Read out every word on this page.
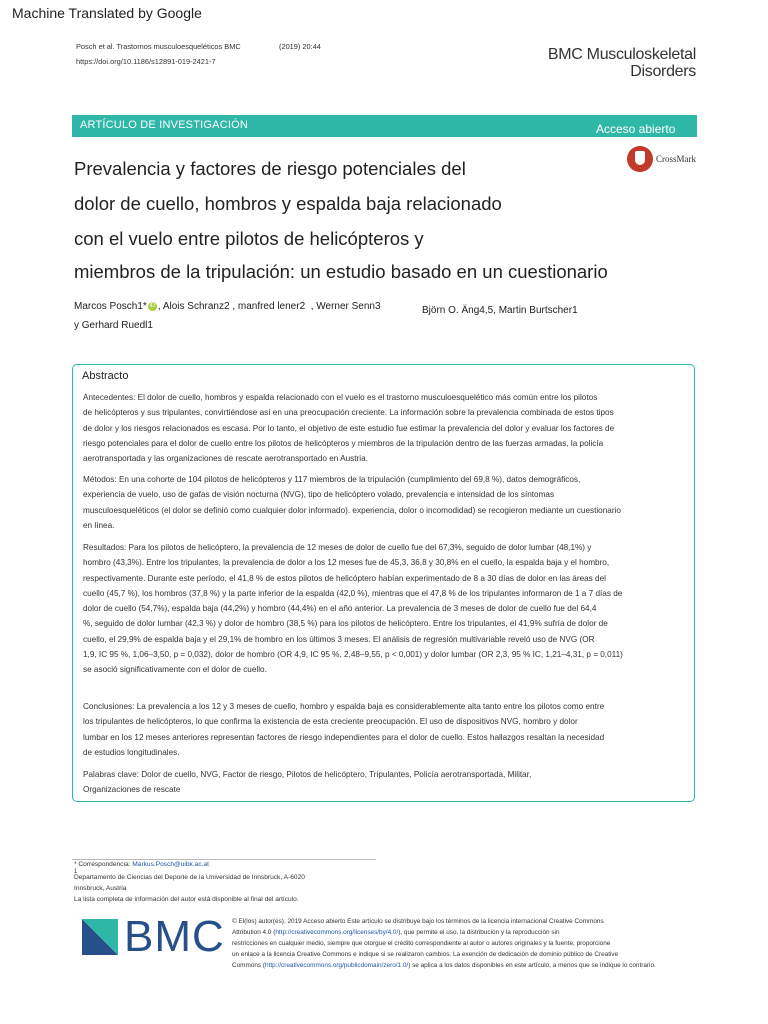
Machine Translated by Google
Posch et al. Trastornos musculoesqueléticos BMC	(2019) 20:44
https://doi.org/10.1186/s12891-019-2421-7	BMC Musculoskeletal
Disorders
ARTÍCULO DE INVESTIGACIÓN	Acceso abierto
CrossMark
Prevalencia y factores de riesgo potenciales del
dolor de cuello, hombros y espalda baja relacionado
con el vuelo entre pilotos de helicópteros y
miembros de la tripulación: un estudio basado en un cuestionario
Marcos Posch1* iD , Alois Schranz2 , manfred lener2 , Werner Senn3	Björn O. Äng4,5, Martin Burtscher1
y Gerhard Ruedl1
Abstracto
Antecedentes: El dolor de cuello, hombros y espalda relacionado con el vuelo es el trastorno musculoesquelético más común entre los pilotos
de helicópteros y sus tripulantes, convirtiéndose así en una preocupación creciente. La información sobre la prevalencia combinada de estos tipos
de dolor y los riesgos relacionados es escasa. Por lo tanto, el objetivo de este estudio fue estimar la prevalencia del dolor y evaluar los factores de
riesgo potenciales para el dolor de cuello entre los pilotos de helicópteros y miembros de la tripulación dentro de las fuerzas armadas, la policía
aerotransportada y las organizaciones de rescate aerotransportado en Austria.
Métodos: En una cohorte de 104 pilotos de helicópteros y 117 miembros de la tripulación (cumplimiento del 69,8 %), datos demográficos,
experiencia de vuelo, uso de gafas de visión nocturna (NVG), tipo de helicóptero volado, prevalencia e intensidad de los síntomas
musculoesqueléticos (el dolor se definió como cualquier dolor informado). experiencia, dolor o incomodidad) se recogieron mediante un cuestionario
en línea.
Resultados: Para los pilotos de helicóptero, la prevalencia de 12 meses de dolor de cuello fue del 67,3%, seguido de dolor lumbar (48,1%) y
hombro (43,3%). Entre los tripulantes, la prevalencia de dolor a los 12 meses fue de 45,3, 36,8 y 30,8% en el cuello, la espalda baja y el hombro,
respectivamente. Durante este período, el 41,8 % de estos pilotos de helicóptero habían experimentado de 8 a 30 días de dolor en las áreas del
cuello (45,7 %), los hombros (37,8 %) y la parte inferior de la espalda (42,0 %), mientras que el 47,8 % de los tripulantes informaron de 1 a 7 días de
dolor de cuello (54,7%), espalda baja (44,2%) y hombro (44,4%) en el año anterior. La prevalencia de 3 meses de dolor de cuello fue del 64,4
%, seguido de dolor lumbar (42,3 %) y dolor de hombro (38,5 %) para los pilotos de helicóptero. Entre los tripulantes, el 41,9% sufría de dolor de
cuello, el 29,9% de espalda baja y el 29,1% de hombro en los últimos 3 meses. El análisis de regresión multivariable reveló uso de NVG (OR
1,9, IC 95 %, 1,06–3,50, p = 0,032), dolor de hombro (OR 4,9, IC 95 %, 2,48–9,55, p < 0,001) y dolor lumbar (OR 2,3, 95 % IC, 1,21–4,31, p = 0,011)
se asoció significativamente con el dolor de cuello.
Conclusiones: La prevalencia a los 12 y 3 meses de cuello, hombro y espalda baja es considerablemente alta tanto entre los pilotos como entre
los tripulantes de helicópteros, lo que confirma la existencia de esta creciente preocupación. El uso de dispositivos NVG, hombro y dolor
lumbar en los 12 meses anteriores representan factores de riesgo independientes para el dolor de cuello. Estos hallazgos resaltan la necesidad
de estudios longitudinales.
Palabras clave: Dolor de cuello, NVG, Factor de riesgo, Pilotos de helicóptero, Tripulantes, Policía aerotransportada, Militar,
Organizaciones de rescate
* Correspondencia: Markus.Posch@uibk.ac.at
1
Departamento de Ciencias del Deporte de la Universidad de Innsbruck, A-6020
Innsbruck, Austria
La lista completa de información del autor está disponible al final del artículo.
BMC © El(los) autor(es). 2019 Acceso abierto Este artículo se distribuye bajo los términos de la licencia internacional Creative Commons
Attribution 4.0 (http://creativecommons.org/licenses/by/4.0/), que permite el uso, la distribución y la reproducción sin
restricciones en cualquier medio, siempre que otorgue el crédito correspondiente al autor o autores originales y la fuente, proporcione
un enlace a la licencia Creative Commons e indique si se realizaron cambios. La exención de dedicación de dominio público de Creative
Commons (http://creativecommons.org/publicdomain/zero/1.0/) se aplica a los datos disponibles en este artículo, a menos que se indique lo contrario.
